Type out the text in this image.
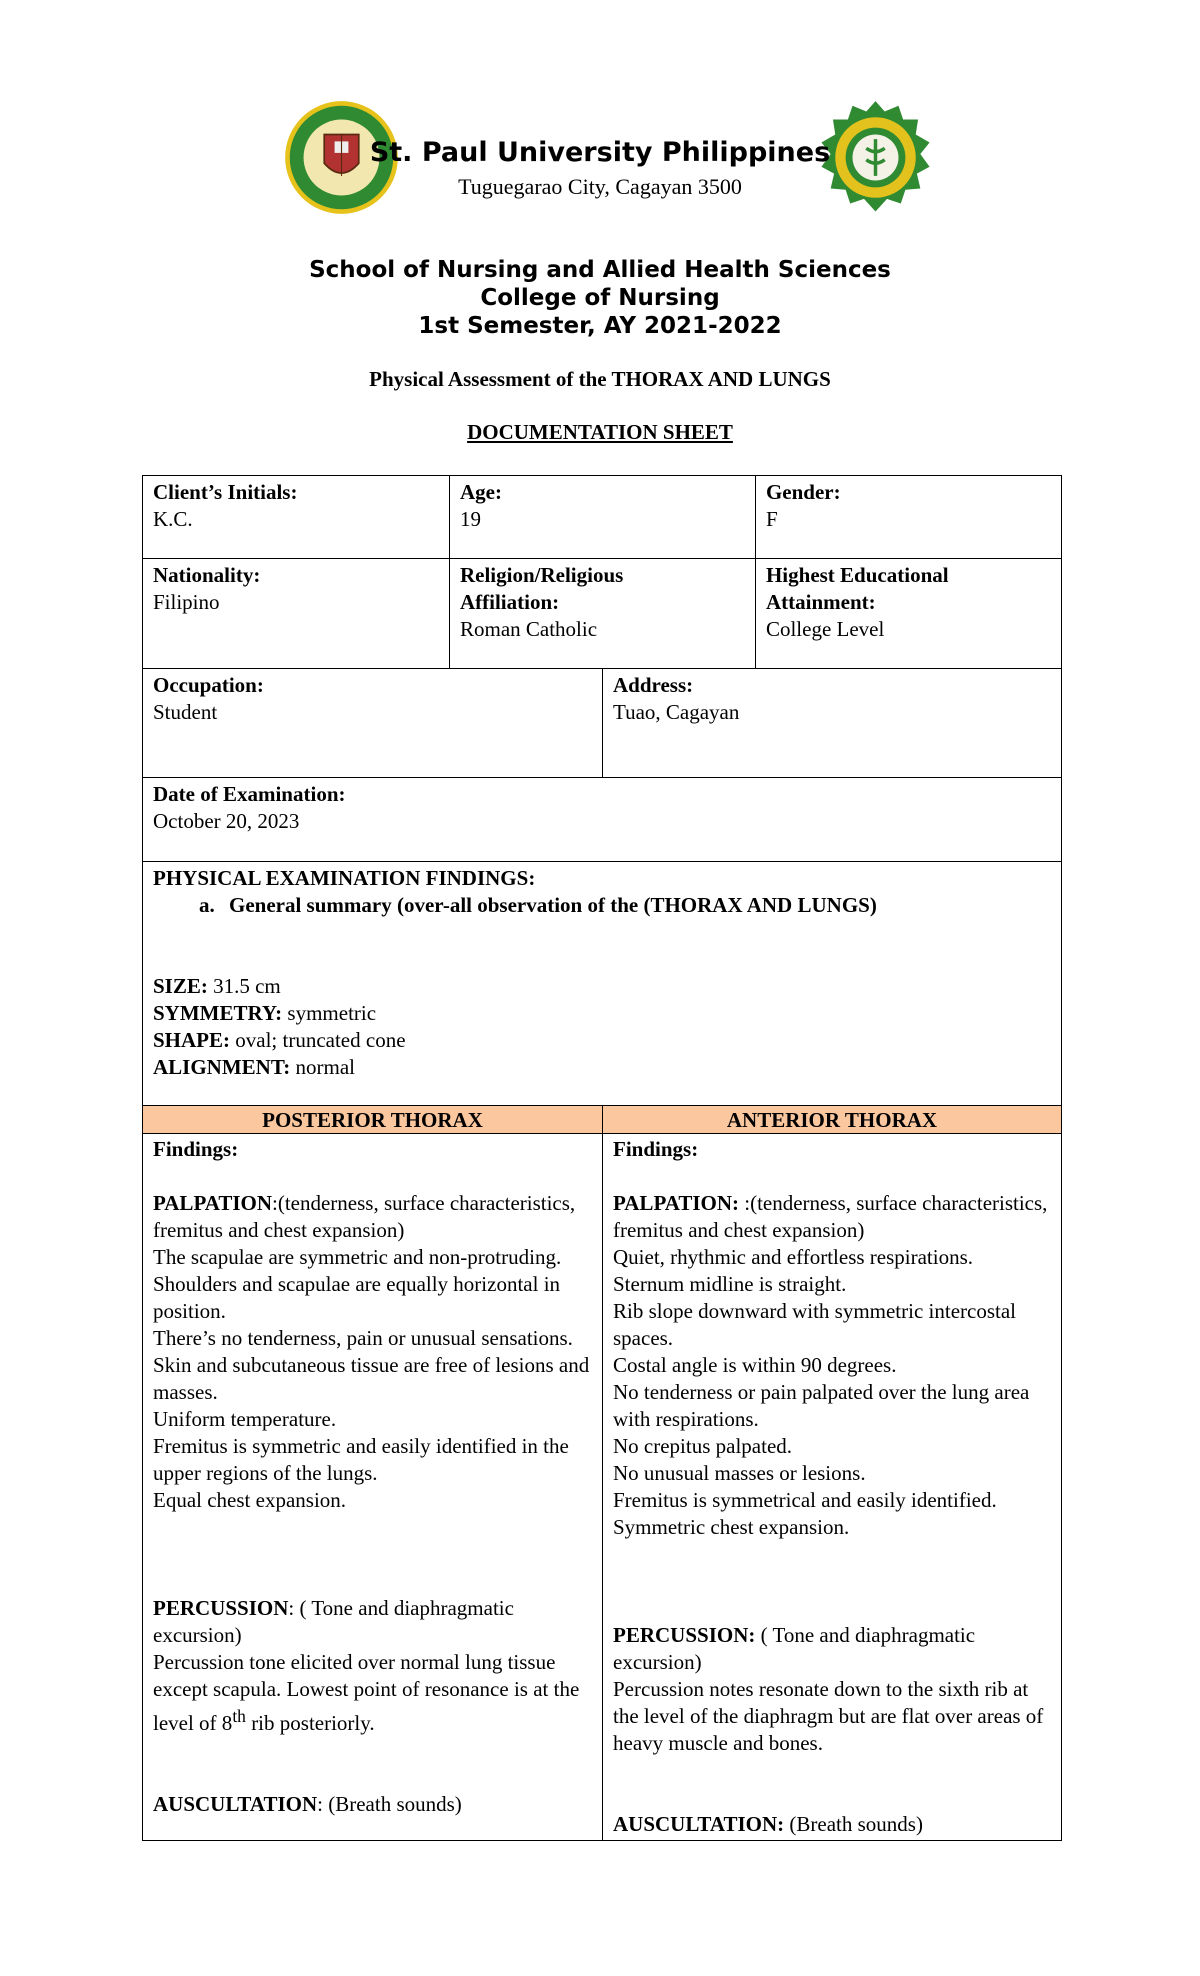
St. Paul University Philippines
Tuguegarao City, Cagayan 3500
School of Nursing and Allied Health Sciences
College of Nursing
1st Semester, AY 2021-2022
Physical Assessment of the THORAX AND LUNGS
DOCUMENTATION SHEET
Client’s Initials:
K.C.
Age:
19
Gender:
F
Nationality:
Filipino
Religion/Religious
Affiliation:
Roman Catholic
Highest Educational
Attainment:
College Level
Occupation:
Student
Address:
Tuao, Cagayan
Date of Examination:
October 20, 2023
PHYSICAL EXAMINATION FINDINGS:
a. General summary (over-all observation of the (THORAX AND LUNGS)
SIZE: 31.5 cm
SYMMETRY: symmetric
SHAPE: oval; truncated cone
ALIGNMENT: normal
POSTERIOR THORAX	ANTERIOR THORAX
Findings:
PALPATION:(tenderness, surface characteristics, fremitus and chest expansion)
The scapulae are symmetric and non-protruding.
Shoulders and scapulae are equally horizontal in position.
There’s no tenderness, pain or unusual sensations.
Skin and subcutaneous tissue are free of lesions and masses.
Uniform temperature.
Fremitus is symmetric and easily identified in the upper regions of the lungs.
Equal chest expansion.
PERCUSSION: ( Tone and diaphragmatic excursion)
Percussion tone elicited over normal lung tissue except scapula. Lowest point of resonance is at the level of 8th rib posteriorly.
AUSCULTATION: (Breath sounds)
Findings:
PALPATION: :(tenderness, surface characteristics, fremitus and chest expansion)
Quiet, rhythmic and effortless respirations.
Sternum midline is straight.
Rib slope downward with symmetric intercostal spaces.
Costal angle is within 90 degrees.
No tenderness or pain palpated over the lung area with respirations.
No crepitus palpated.
No unusual masses or lesions.
Fremitus is symmetrical and easily identified.
Symmetric chest expansion.
PERCUSSION: ( Tone and diaphragmatic excursion)
Percussion notes resonate down to the sixth rib at the level of the diaphragm but are flat over areas of heavy muscle and bones.
AUSCULTATION: (Breath sounds)
